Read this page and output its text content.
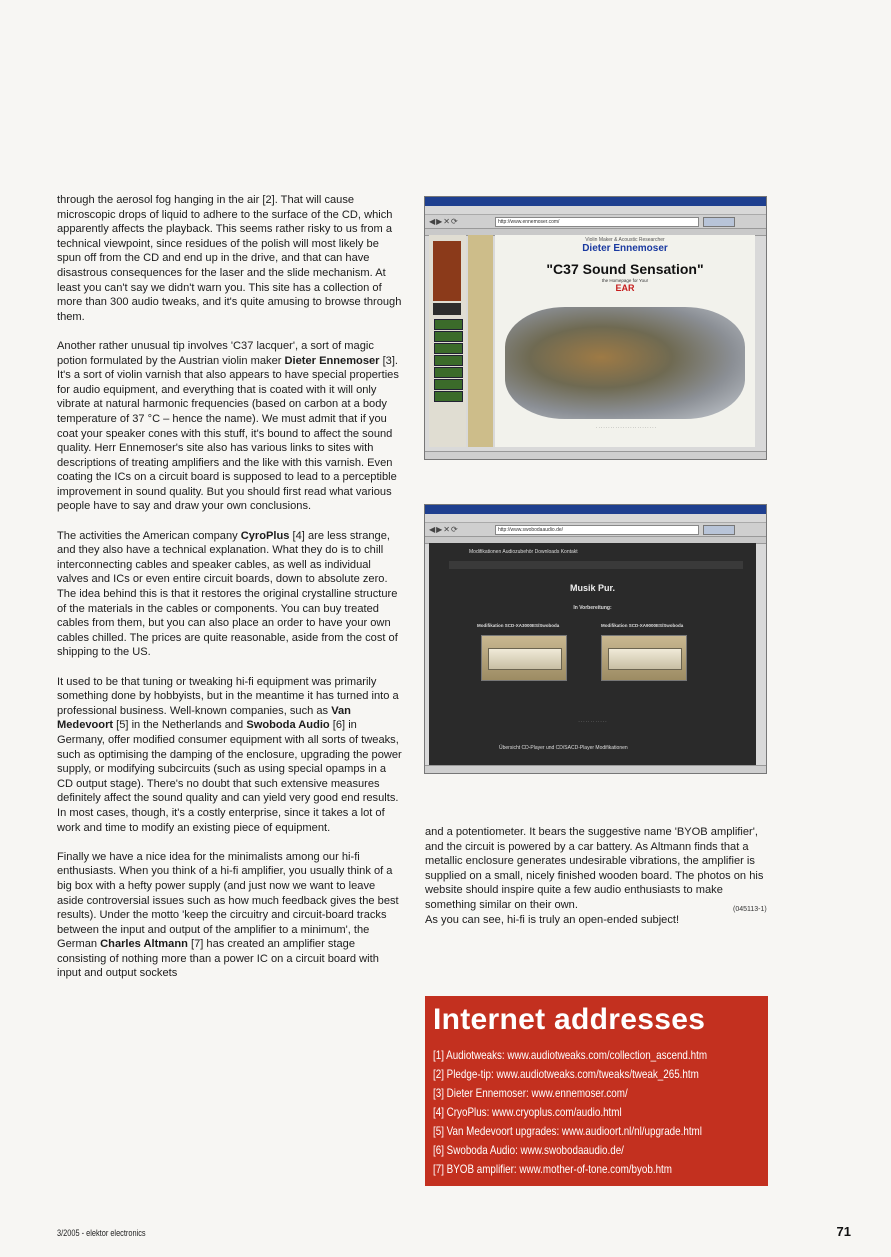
through the aerosol fog hanging in the air [2]. That will cause microscopic drops of liquid to adhere to the surface of the CD, which apparently affects the playback. This seems rather risky to us from a technical viewpoint, since residues of the polish will most likely be spun off from the CD and end up in the drive, and that can have disastrous consequences for the laser and the slide mechanism. At least you can't say we didn't warn you. This site has a collection of more than 300 audio tweaks, and it's quite amusing to browse through them.

Another rather unusual tip involves 'C37 lacquer', a sort of magic potion formulated by the Austrian violin maker Dieter Ennemoser [3]. It's a sort of violin varnish that also appears to have special properties for audio equipment, and everything that is coated with it will only vibrate at natural harmonic frequencies (based on carbon at a body temperature of 37 °C – hence the name). We must admit that if you coat your speaker cones with this stuff, it's bound to affect the sound quality. Herr Ennemoser's site also has various links to sites with descriptions of treating amplifiers and the like with this varnish. Even coating the ICs on a circuit board is supposed to lead to a perceptible improvement in sound quality. But you should first read what various people have to say and draw your own conclusions.

The activities the American company CyroPlus [4] are less strange, and they also have a technical explanation. What they do is to chill interconnecting cables and speaker cables, as well as individual valves and ICs or even entire circuit boards, down to absolute zero. The idea behind this is that it restores the original crystalline structure of the materials in the cables or components. You can buy treated cables from them, but you can also place an order to have your own cables chilled. The prices are quite reasonable, aside from the cost of shipping to the US.

It used to be that tuning or tweaking hi-fi equipment was primarily something done by hobbyists, but in the meantime it has turned into a professional business. Well-known companies, such as Van Medevoort [5] in the Netherlands and Swoboda Audio [6] in Germany, offer modified consumer equipment with all sorts of tweaks, such as optimising the damping of the enclosure, upgrading the power supply, or modifying subcircuits (such as using special opamps in a CD output stage). There's no doubt that such extensive measures definitely affect the sound quality and can yield very good end results. In most cases, though, it's a costly enterprise, since it takes a lot of work and time to modify an existing piece of equipment.

Finally we have a nice idea for the minimalists among our hi-fi enthusiasts. When you think of a hi-fi amplifier, you usually think of a big box with a hefty power supply (and just now we want to leave aside controversial issues such as how much feedback gives the best results). Under the motto 'keep the circuitry and circuit-board tracks between the input and output of the amplifier to a minimum', the German Charles Altmann [7] has created an amplifier stage consisting of nothing more than a power IC on a circuit board with input and output sockets

◀▶✕⟳	http://www.ennemoser.com/
Violin Maker & Acoustic Researcher
Dieter Ennemoser
"C37 Sound Sensation"
the Homepage for Your
EAR
· · · · · · · · · · · · · · · · · · · · · · · · ·
◀▶✕⟳	http://www.swobodaaudio.de/
Modifikationen Audiozubehör Downloads Kontakt
Musik Pur.
In Vorbereitung:
Modifikation SCD-XA3000ES/Swoboda	Modifikation SCD-XA9000ES/Swoboda
· · · · · · · · · · · ·
Übersicht CD-Player und CD/SACD-Player Modifikationen

and a potentiometer. It bears the suggestive name 'BYOB amplifier', and the circuit is powered by a car battery. As Altmann finds that a metallic enclosure generates undesirable vibrations, the amplifier is supplied on a small, nicely finished wooden board. The photos on his website should inspire quite a few audio enthusiasts to make something similar on their own.

As you can see, hi-fi is truly an open-ended subject!

(045113-1)
Internet addresses
[1] Audiotweaks: www.audiotweaks.com/collection_ascend.htm
[2] Pledge-tip: www.audiotweaks.com/tweaks/tweak_265.htm
[3] Dieter Ennemoser: www.ennemoser.com/
[4] CryoPlus: www.cryoplus.com/audio.html
[5] Van Medevoort upgrades: www.audioort.nl/nl/upgrade.html
[6] Swoboda Audio: www.swobodaaudio.de/
[7] BYOB amplifier: www.mother-of-tone.com/byob.htm
3/2005 - elektor electronics	71
